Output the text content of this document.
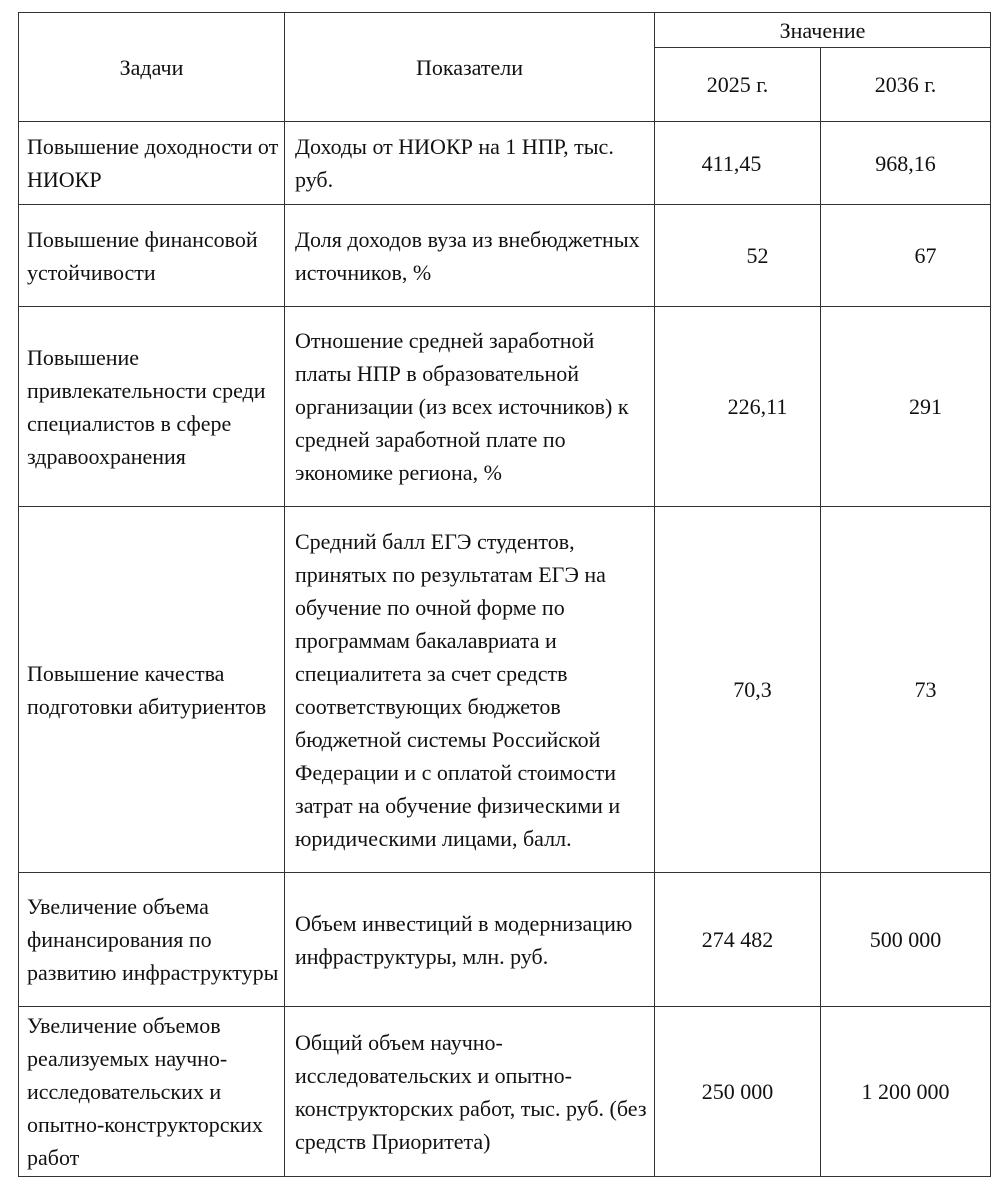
Задачи	Показатели	Значение	
		2025 г.	2036 г.
Повышение доходности от НИОКР	Доходы от НИОКР на 1 НПР, тыс. руб.	411,45	968,16
Повышение финансовой устойчивости	Доля доходов вуза из внебюджетных источников, %	52	67
Повышение привлекательности среди специалистов в сфере здравоохранения	Отношение средней заработной платы НПР в образовательной организации (из всех источников) к средней заработной плате по экономике региона, %	226,11	291
Повышение качества подготовки абитуриентов	Средний балл ЕГЭ студентов, принятых по результатам ЕГЭ на обучение по очной форме по программам бакалавриата и специалитета за счет средств соответствующих бюджетов бюджетной системы Российской Федерации и с оплатой стоимости затрат на обучение физическими и юридическими лицами, балл.	70,3	73
Увеличение объема финансирования по развитию инфраструктуры	Объем инвестиций в модернизацию инфраструктуры, млн. руб.	274 482	500 000
Увеличение объемов реализуемых научно-исследовательских и опытно-конструкторских работ	Общий объем научно-исследовательских и опытно-конструкторских работ, тыс. руб. (без средств Приоритета)	250 000	1 200 000
